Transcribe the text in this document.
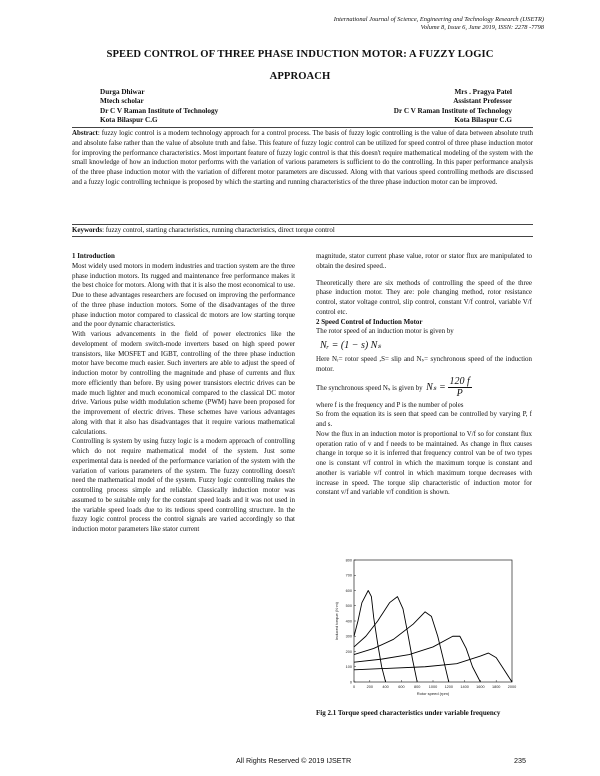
International Journal of Science, Engineering and Technology Research (IJSETR)
Volume 8, Issue 6, June 2019, ISSN: 2278 -7798
SPEED CONTROL OF THREE PHASE INDUCTION MOTOR: A FUZZY LOGIC
APPROACH
Durga Dhiwar
Mtech scholar
Dr C V Raman Institute of Technology
Kota Bilaspur C.G
Mrs . Pragya Patel
Assistant Professor
Dr C V Raman Institute of Technology
Kota Bilaspur C.G
Abstract: fuzzy logic control is a modern technology approach for a control process. The basis of fuzzy logic controlling is the value of data between absolute truth and absolute false rather than the value of absolute truth and false. This feature of fuzzy logic control can be utilized for speed control of three phase induction motor for improving the performance characteristics. Most important feature of fuzzy logic control is that this doesn't require mathematical modeling of the system with the small knowledge of how an induction motor performs with the variation of various parameters is sufficient to do the controlling. In this paper performance analysis of the three phase induction motor with the variation of different motor parameters are discussed. Along with that various speed controlling methods are discussed and a fuzzy logic controlling technique is proposed by which the starting and running characteristics of the three phase induction motor can be improved.
Keywords: fuzzy control, starting characteristics, running characteristics, direct torque control

1 Introduction

Most widely used motors in modern industries and traction system are the three phase induction motors. Its rugged and maintenance free performance makes it the best choice for motors. Along with that it is also the most economical to use. Due to these advantages researchers are focused on improving the performance of the three phase induction motors. Some of the disadvantages of the three phase induction motor compared to classical dc motors are low starting torque and the poor dynamic characteristics.

With various advancements in the field of power electronics like the development of modern switch-mode inverters based on high speed power transistors, like MOSFET and IGBT, controlling of the three phase induction motor have become much easier. Such inverters are able to adjust the speed of induction motor by controlling the magnitude and phase of currents and flux more efficiently than before. By using power transistors electric drives can be made much lighter and much economical compared to the classical DC motor drive. Various pulse width modulation scheme (PWM) have been proposed for the improvement of electric drives. These schemes have various advantages along with that it also has disadvantages that it require various mathematical calculations.

Controlling is system by using fuzzy logic is a modern approach of controlling which do not require mathematical model of the system. Just some experimental data is needed of the performance variation of the system with the variation of various parameters of the system. The fuzzy controlling doesn't need the mathematical model of the system. Fuzzy logic controlling makes the controlling process simple and reliable. Classically induction motor was assumed to be suitable only for the constant speed loads and it was not used in the variable speed loads due to its tedious speed controlling structure. In the fuzzy logic control process the control signals are varied accordingly so that induction motor parameters like stator current

magnitude, stator current phase value, rotor or stator flux are manipulated to obtain the desired speed..

Theoretically there are six methods of controlling the speed of the three phase induction motor. They are: pole changing method, rotor resistance control, stator voltage control, slip control, constant V/f control, variable V/f control etc.

2 Speed Control of Induction Motor

The rotor speed of an induction motor is given by

Nᵣ = (1 − s) Nₛ

Here Nᵣ= rotor speed ,S= slip and Nₛ= synchronous speed of the induction motor.

The synchronous speed Nₛ is given by $N_s = \frac{120 f}{P}$

where f is the frequency and P is the number of poles

So from the equation its is seen that speed can be controlled by varying P, f and s.

Now the flux in an induction motor is proportional to V/f so for constant flux operation ratio of v and f needs to be maintained. As change in flux causes change in torque so it is inferred that frequency control van be of two types one is constant v/f control in which the maximum torque is constant and another is variable v/f control in which maximum torque decreases with increase in speed. The torque slip characteristic of induction motor for constant v/f and variable v/f condition is shown.

0	200 400 600 800 1000 1200 1400 1600 1800 2000
0
100
200
300
400
500
600
700
800
Rotor speed (rpm)
Induced torque (N·m)
Fig 2.1 Torque speed characteristics under variable frequency
All Rights Reserved © 2019 IJSETR	235
